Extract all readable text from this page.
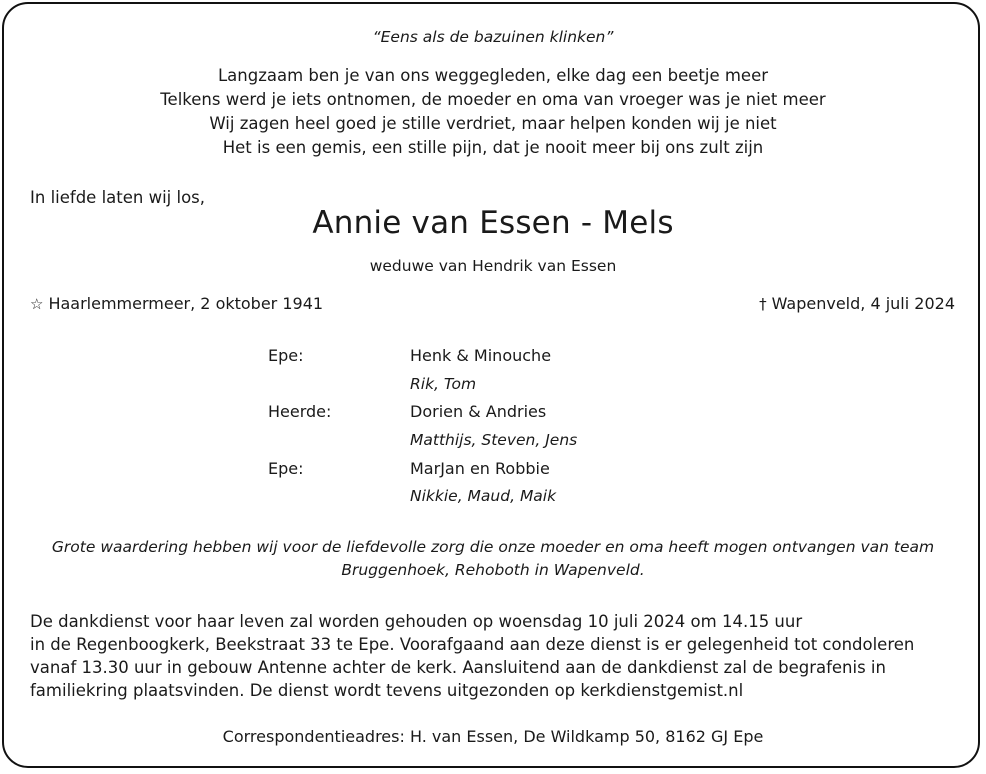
“Eens als de bazuinen klinken”
Langzaam ben je van ons weggegleden, elke dag een beetje meer
Telkens werd je iets ontnomen, de moeder en oma van vroeger was je niet meer
Wij zagen heel goed je stille verdriet, maar helpen konden wij je niet
Het is een gemis, een stille pijn, dat je nooit meer bij ons zult zijn
In liefde laten wij los,
Annie van Essen - Mels
weduwe van Hendrik van Essen
☆ Haarlemmermeer, 2 oktober 1941	† Wapenveld, 4 juli 2024
Epe:	Henk & Minouche
Rik, Tom
Heerde:	Dorien & Andries
Matthijs, Steven, Jens
Epe:	MarJan en Robbie
Nikkie, Maud, Maik
Grote waardering hebben wij voor de liefdevolle zorg die onze moeder en oma heeft mogen ontvangen van team
Bruggenhoek, Rehoboth in Wapenveld.
De dankdienst voor haar leven zal worden gehouden op woensdag 10 juli 2024 om 14.15 uur
in de Regenboogkerk, Beekstraat 33 te Epe. Voorafgaand aan deze dienst is er gelegenheid tot condoleren
vanaf 13.30 uur in gebouw Antenne achter de kerk. Aansluitend aan de dankdienst zal de begrafenis in
familiekring plaatsvinden. De dienst wordt tevens uitgezonden op kerkdienstgemist.nl
Correspondentieadres: H. van Essen, De Wildkamp 50, 8162 GJ Epe
